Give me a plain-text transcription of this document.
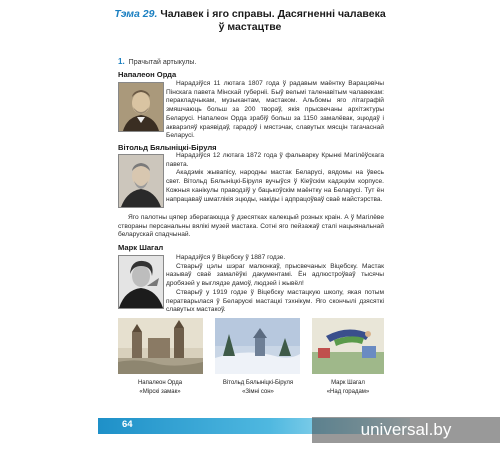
Тэма 29. Чалавек і яго справы. Дасягненні чалавека
ў мастацтве
1. Прачытай артыкулы.
Напалеон Орда

Нарадзіўся 11 лютага 1807 года ў радавым маёнтку Варацэвічы Пінскага павета Мінскай губерніі. Быў вельмі таленавітым чалавекам: перакладчыкам, музыкантам, мастаком. Альбомы яго літаграфій змяшчаюць больш за 200 твораў, якія прысвечаны архітэктуры Беларусі. Напалеон Орда зрабіў больш за 1150 замалёвак, эцюдаў і акварэляў краявідаў, гарадоў і мястэчак, славутых мясцін тагачаснай Беларусі.

Вітольд Бялыніцкі-Біруля

Нарадзіўся 12 лютага 1872 года ў фальварку Крынкі Магілёўскага павета.

Акадэмік жывапісу, народны мастак Беларусі, вядомы на ўвесь свет. Вітольд Бялыніцкі-Біруля вучыўся ў Кіеўскім кадэцкім корпусе. Кожныя канікулы праводзіў у бацькоўскім маёнтку на Беларусі. Тут ён напрацаваў шматлікія эцюды, накіды і адпрацоўваў сваё майстэрства.

Яго палотны цяпер зберагаюцца ў дзесятках калекцый розных краін. А ў Магілёве створаны персанальны вялікі музей мастака. Сотні яго пейзажаў сталі нацыянальнай беларускай спадчынай.

Марк Шагал

Нарадзіўся ў Віцебску ў 1887 годзе.

Стварыў цэлы шэраг малюнкаў, прысвечаных Віцебску. Мастак называў сваё замалёўкі дакументамі. Ён адлюстроўваў тысячы дробязей у выглядзе дамоў, людзей і жывёл!

Стварыў у 1919 годзе ў Віцебску мастацкую школу, якая потым ператварылася ў Беларускі мастацкі тэхнікум. Яго скончылі дзясяткі славутых мастакоў.

Напалеон Орда
«Мірскі замак»
Вітольд Бялыніцкі-Біруля
«Зімні сон»
Марк Шагал
«Над горадам»
64	universal.by
